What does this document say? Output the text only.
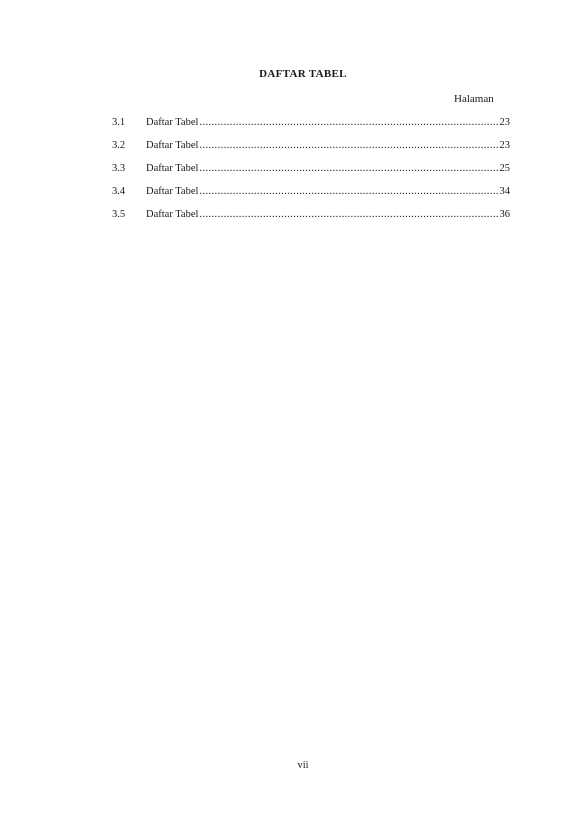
DAFTAR TABEL
Halaman
3.1	Daftar Tabel .....	23
3.2	Daftar Tabel .....	23
3.3	Daftar Tabel .....	25
3.4	Daftar Tabel .....	34
3.5	Daftar Tabel .....	36
vii
